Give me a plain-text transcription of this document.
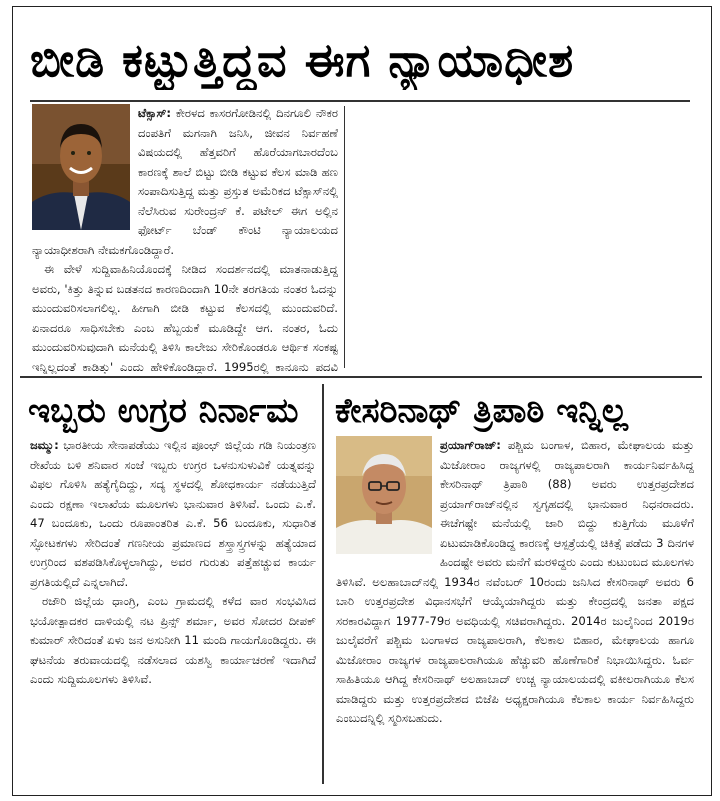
ಬೀಡಿ ಕಟ್ಟುತ್ತಿದ್ದವ ಈಗ ನ್ಯಾಯಾಧೀಶ

ಟೆಕ್ಸಾಸ್: ಕೇರಳದ ಕಾಸರಗೋಡಿನಲ್ಲಿ ದಿನಗೂಲಿ ನೌಕರ ದಂಪತಿಗೆ ಮಗನಾಗಿ ಜನಿಸಿ, ಜೀವನ ನಿರ್ವಹಣೆ ವಿಷಯದಲ್ಲಿ ಹೆತ್ತವರಿಗೆ ಹೊರೆಯಾಗಬಾರದೆಂಬ ಕಾರಣಕ್ಕೆ ಶಾಲೆ ಬಿಟ್ಟು ಬೀಡಿ ಕಟ್ಟುವ ಕೆಲಸ ಮಾಡಿ ಹಣ ಸಂಪಾದಿಸುತ್ತಿದ್ದ ಮತ್ತು ಪ್ರಸ್ತುತ ಅಮೆರಿಕದ ಟೆಕ್ಸಾಸ್‌ನಲ್ಲಿ ನೆಲೆಸಿರುವ ಸುರೇಂದ್ರನ್ ಕೆ. ಪಟೇಲ್ ಈಗ ಅಲ್ಲಿನ ಫೋರ್ಟ್ ಬೆಂಡ್ ಕೌಂಟಿ ನ್ಯಾಯಾಲಯದ ನ್ಯಾಯಾಧೀಶರಾಗಿ ನೇಮಕಗೊಂಡಿದ್ದಾರೆ.

ಈ ವೇಳೆ ಸುದ್ದಿವಾಹಿನಿಯೊಂದಕ್ಕೆ ನೀಡಿದ ಸಂದರ್ಶನದಲ್ಲಿ ಮಾತನಾಡುತ್ತಿದ್ದ ಅವರು, 'ಕಿತ್ತು ತಿನ್ನುವ ಬಡತನದ ಕಾರಣದಿಂದಾಗಿ 10ನೇ ತರಗತಿಯ ನಂತರ ಓದನ್ನು ಮುಂದುವರಿಸಲಾಗಲಿಲ್ಲ. ಹೀಗಾಗಿ ಬೀಡಿ ಕಟ್ಟುವ ಕೆಲಸದಲ್ಲಿ ಮುಂದುವರಿದೆ. ಏನಾದರೂ ಸಾಧಿಸಬೇಕು ಎಂಬ ಹೆಬ್ಬಯಕೆ ಮೂಡಿದ್ದೇ ಆಗ. ನಂತರ, ಓದು ಮುಂದುವರಿಸುವುದಾಗಿ ಮನೆಯಲ್ಲಿ ತಿಳಿಸಿ ಕಾಲೇಜು ಸೇರಿಕೊಂಡರೂ ಆರ್ಥಿಕ ಸಂಕಷ್ಟ ಇನ್ನಿಲ್ಲದಂತೆ ಕಾಡಿತ್ತು' ಎಂದು ಹೇಳಿಕೊಂಡಿದ್ದಾರೆ. 1995ರಲ್ಲಿ ಕಾನೂನು ಪದವಿ

ಇಬ್ಬರು ಉಗ್ರರ ನಿರ್ನಾಮ

ಜಮ್ಮು: ಭಾರತೀಯ ಸೇನಾಪಡೆಯು ಇಲ್ಲಿನ ಪೂಂಛ್ ಜಿಲ್ಲೆಯ ಗಡಿ ನಿಯಂತ್ರಣ ರೇಖೆಯ ಬಳಿ ಶನಿವಾರ ಸಂಜೆ ಇಬ್ಬರು ಉಗ್ರರ ಒಳನುಸುಳುವಿಕೆ ಯತ್ನವನ್ನು ವಿಫಲ ಗೊಳಿಸಿ ಹತ್ಯೆಗೈದಿದ್ದು, ಸದ್ಯ ಸ್ಥಳದಲ್ಲಿ ಶೋಧಕಾರ್ಯ ನಡೆಯುತ್ತಿದೆ ಎಂದು ರಕ್ಷಣಾ ಇಲಾಖೆಯ ಮೂಲಗಳು ಭಾನುವಾರ ತಿಳಿಸಿವೆ. ಒಂದು ಎ.ಕೆ. 47 ಬಂದೂಕು, ಒಂದು ರೂಪಾಂತರಿತ ಎ.ಕೆ. 56 ಬಂದೂಕು, ಸುಧಾರಿತ ಸ್ಫೋಟಕಗಳು ಸೇರಿದಂತೆ ಗಣನೀಯ ಪ್ರಮಾಣದ ಶಸ್ತ್ರಾಸ್ತ್ರಗಳನ್ನು ಹತ್ಯೆಯಾದ ಉಗ್ರರಿಂದ ವಶಪಡಿಸಿಕೊಳ್ಳಲಾಗಿದ್ದು, ಅವರ ಗುರುತು ಪತ್ತೆಹಚ್ಚುವ ಕಾರ್ಯ ಪ್ರಗತಿಯಲ್ಲಿದೆ ಎನ್ನಲಾಗಿದೆ.

ರಜೌರಿ ಜಿಲ್ಲೆಯ ಧಾಂಗ್ರಿ, ಎಂಬ ಗ್ರಾಮದಲ್ಲಿ ಕಳೆದ ವಾರ ಸಂಭವಿಸಿದ ಭಯೋತ್ಪಾದಕರ ದಾಳಿಯಲ್ಲಿ ನಟ ಪ್ರಿನ್ಸ್ ಶರ್ಮಾ, ಅವರ ಸೋದರ ದೀಪಕ್ ಕುಮಾರ್ ಸೇರಿದಂತೆ ಏಳು ಜನ ಅಸುನೀಗಿ 11 ಮಂದಿ ಗಾಯಗೊಂಡಿದ್ದರು. ಈ ಘಟನೆಯ ತರುವಾಯದಲ್ಲಿ ನಡೆಸಲಾದ ಯಶಸ್ವಿ ಕಾರ್ಯಾಚರಣೆ ಇದಾಗಿದೆ ಎಂದು ಸುದ್ದಿಮೂಲಗಳು ತಿಳಿಸಿವೆ.

ಕೇಸರಿನಾಥ್ ತ್ರಿಪಾಠಿ ಇನ್ನಿಲ್ಲ

ಪ್ರಯಾಗ್‌ರಾಜ್: ಪಶ್ಚಿಮ ಬಂಗಾಳ, ಬಿಹಾರ, ಮೇಘಾಲಯ ಮತ್ತು ಮಿಜೋರಾಂ ರಾಜ್ಯಗಳಲ್ಲಿ ರಾಜ್ಯಪಾಲರಾಗಿ ಕಾರ್ಯನಿರ್ವಹಿಸಿದ್ದ ಕೇಸರಿನಾಥ್ ತ್ರಿಪಾಠಿ (88) ಅವರು ಉತ್ತರಪ್ರದೇಶದ ಪ್ರಯಾಗ್‌ರಾಜ್‌ನಲ್ಲಿನ ಸ್ವಗೃಹದಲ್ಲಿ ಭಾನುವಾರ ನಿಧನರಾದರು. ಈಚೆಗಷ್ಟೇ ಮನೆಯಲ್ಲಿ ಜಾರಿ ಬಿದ್ದು ಕುತ್ತಿಗೆಯ ಮೂಳೆಗೆ ಏಟುಮಾಡಿಕೊಂಡಿದ್ದ ಕಾರಣಕ್ಕೆ ಆಸ್ಪತ್ರೆಯಲ್ಲಿ ಚಿಕಿತ್ಸೆ ಪಡೆದು 3 ದಿನಗಳ ಹಿಂದಷ್ಟೇ ಅವರು ಮನೆಗೆ ಮರಳಿದ್ದರು ಎಂದು ಕುಟುಂಬದ ಮೂಲಗಳು ತಿಳಿಸಿವೆ. ಅಲಹಾಬಾದ್‌ನಲ್ಲಿ 1934ರ ನವೆಂಬರ್ 10ರಂದು ಜನಿಸಿದ ಕೇಸರಿನಾಥ್ ಅವರು 6 ಬಾರಿ ಉತ್ತರಪ್ರದೇಶ ವಿಧಾನಸಭೆಗೆ ಆಯ್ಕೆಯಾಗಿದ್ದರು ಮತ್ತು ಕೇಂದ್ರದಲ್ಲಿ ಜನತಾ ಪಕ್ಷದ ಸರಕಾರವಿದ್ದಾಗ 1977-79ರ ಅವಧಿಯಲ್ಲಿ ಸಚಿವರಾಗಿದ್ದರು. 2014ರ ಜುಲೈನಿಂದ 2019ರ ಜುಲೈವರೆಗೆ ಪಶ್ಚಿಮ ಬಂಗಾಳದ ರಾಜ್ಯಪಾಲರಾಗಿ, ಕೆಲಕಾಲ ಬಿಹಾರ, ಮೇಘಾಲಯ ಹಾಗೂ ಮಿಜೋರಾಂ ರಾಜ್ಯಗಳ ರಾಜ್ಯಪಾಲರಾಗಿಯೂ ಹೆಚ್ಚುವರಿ ಹೊಣೆಗಾರಿಕೆ ನಿಭಾಯಿಸಿದ್ದರು. ಓರ್ವ ಸಾಹಿತಿಯೂ ಆಗಿದ್ದ ಕೇಸರಿನಾಥ್ ಅಲಹಾಬಾದ್ ಉಚ್ಚ ನ್ಯಾಯಾಲಯದಲ್ಲಿ ವಕೀಲರಾಗಿಯೂ ಕೆಲಸ ಮಾಡಿದ್ದರು ಮತ್ತು ಉತ್ತರಪ್ರದೇಶದ ಬಿಜೆಪಿ ಅಧ್ಯಕ್ಷರಾಗಿಯೂ ಕೆಲಕಾಲ ಕಾರ್ಯ ನಿರ್ವಹಿಸಿದ್ದರು ಎಂಬುದನ್ನಿಲ್ಲಿ ಸ್ಮರಿಸಬಹುದು.
